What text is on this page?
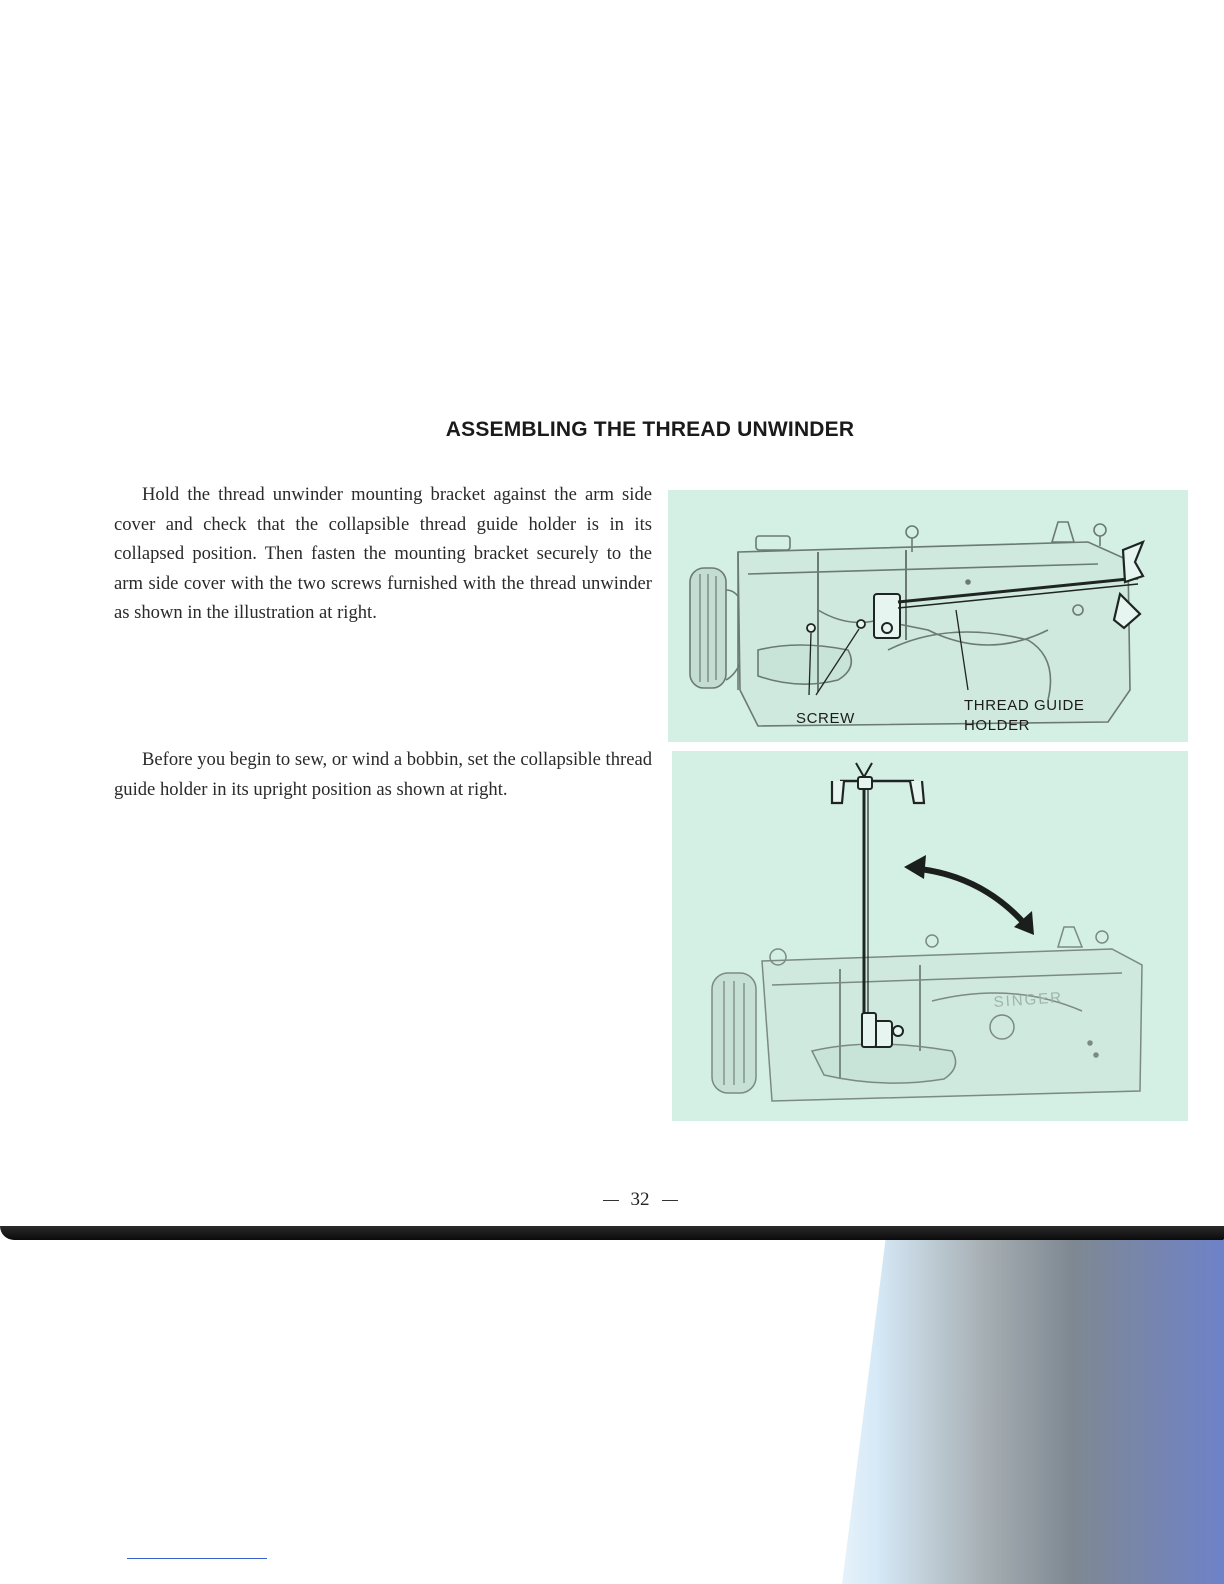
ASSEMBLING THE THREAD UNWINDER

Hold the thread unwinder mounting bracket against the arm side cover and check that the collapsible thread guide holder is in its collapsed position. Then fasten the mounting bracket securely to the arm side cover with the two screws furnished with the thread unwinder as shown in the illustration at right.

Before you begin to sew, or wind a bobbin, set the collapsible thread guide holder in its upright position as shown at right.

SCREW
THREAD GUIDE
HOLDER
SINGER
32
